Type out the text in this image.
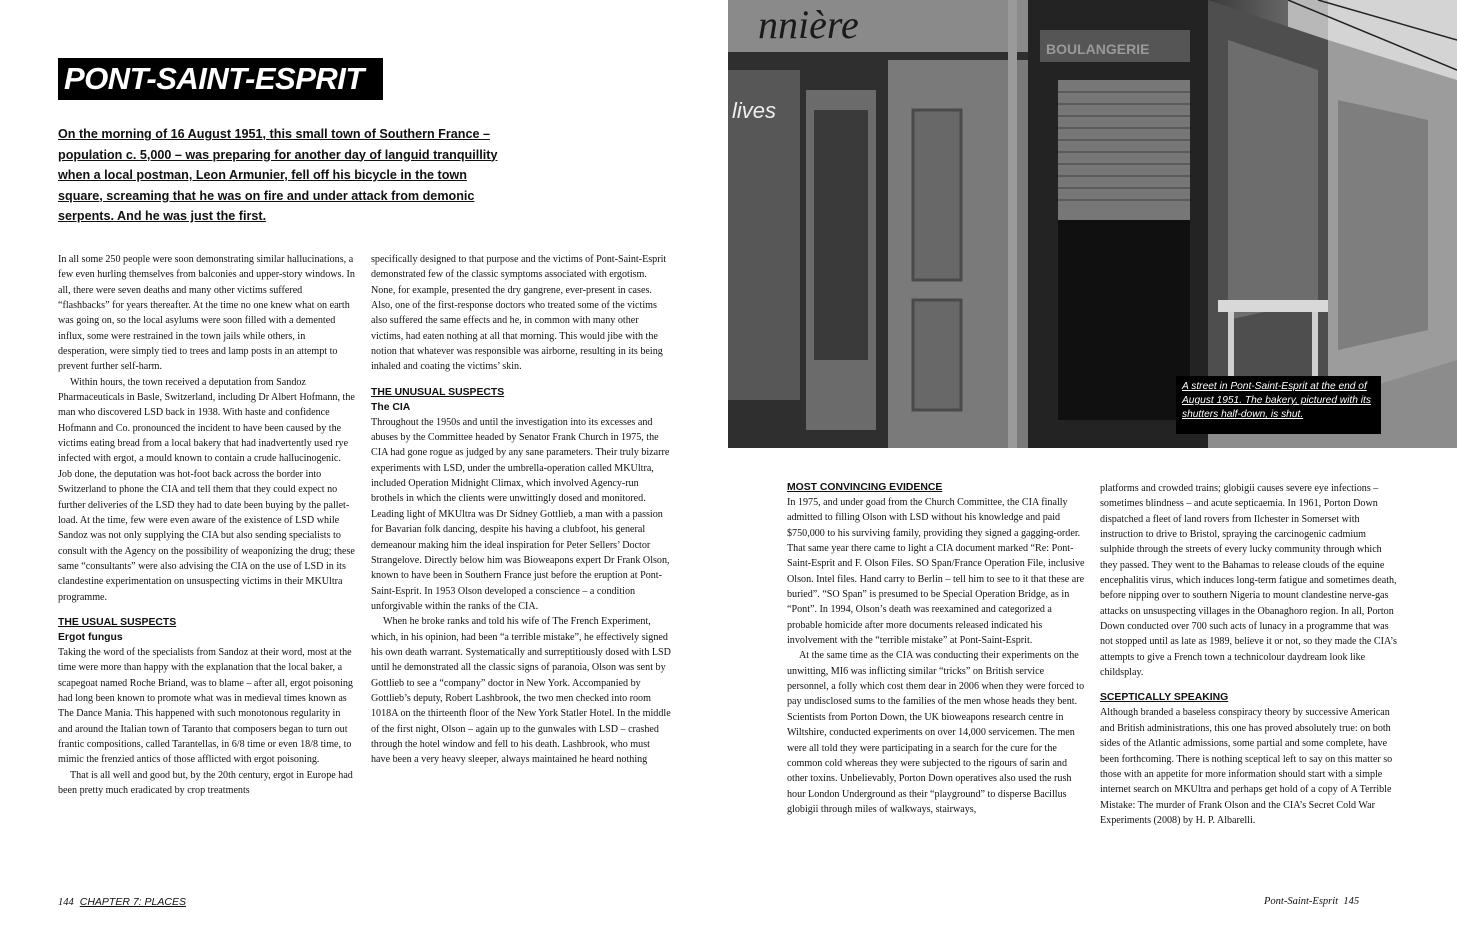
PONT-SAINT-ESPRIT
On the morning of 16 August 1951, this small town of Southern France – population c. 5,000 – was preparing for another day of languid tranquillity when a local postman, Leon Armunier, fell off his bicycle in the town square, screaming that he was on fire and under attack from demonic serpents. And he was just the first.

In all some 250 people were soon demonstrating similar hallucinations, a few even hurling themselves from balconies and upper-story windows. In all, there were seven deaths and many other victims suffered “flashbacks” for years thereafter. At the time no one knew what on earth was going on, so the local asylums were soon filled with a demented influx, some were restrained in the town jails while others, in desperation, were simply tied to trees and lamp posts in an attempt to prevent further self-harm.

Within hours, the town received a deputation from Sandoz Pharmaceuticals in Basle, Switzerland, including Dr Albert Hofmann, the man who discovered LSD back in 1938. With haste and confidence Hofmann and Co. pronounced the incident to have been caused by the victims eating bread from a local bakery that had inadvertently used rye infected with ergot, a mould known to contain a crude hallucinogenic. Job done, the deputation was hot-foot back across the border into Switzerland to phone the CIA and tell them that they could expect no further deliveries of the LSD they had to date been buying by the pallet-load. At the time, few were even aware of the existence of LSD while Sandoz was not only supplying the CIA but also sending specialists to consult with the Agency on the possibility of weaponizing the drug; these same “consultants” were also advising the CIA on the use of LSD in its clandestine experimentation on unsuspecting victims in their MKUltra programme.

THE USUAL SUSPECTS
Ergot fungus

Taking the word of the specialists from Sandoz at their word, most at the time were more than happy with the explanation that the local baker, a scapegoat named Roche Briand, was to blame – after all, ergot poisoning had long been known to promote what was in medieval times known as The Dance Mania. This happened with such monotonous regularity in and around the Italian town of Taranto that composers began to turn out frantic compositions, called Tarantellas, in 6/8 time or even 18/8 time, to mimic the frenzied antics of those afflicted with ergot poisoning.

That is all well and good but, by the 20th century, ergot in Europe had been pretty much eradicated by crop treatments

specifically designed to that purpose and the victims of Pont-Saint-Esprit demonstrated few of the classic symptoms associated with ergotism. None, for example, presented the dry gangrene, ever-present in cases. Also, one of the first-response doctors who treated some of the victims also suffered the same effects and he, in common with many other victims, had eaten nothing at all that morning. This would jibe with the notion that whatever was responsible was airborne, resulting in its being inhaled and coating the victims’ skin.

THE UNUSUAL SUSPECTS
The CIA

Throughout the 1950s and until the investigation into its excesses and abuses by the Committee headed by Senator Frank Church in 1975, the CIA had gone rogue as judged by any sane parameters. Their truly bizarre experiments with LSD, under the umbrella-operation called MKUltra, included Operation Midnight Climax, which involved Agency-run brothels in which the clients were unwittingly dosed and monitored. Leading light of MKUltra was Dr Sidney Gottlieb, a man with a passion for Bavarian folk dancing, despite his having a clubfoot, his general demeanour making him the ideal inspiration for Peter Sellers’ Doctor Strangelove. Directly below him was Bioweapons expert Dr Frank Olson, known to have been in Southern France just before the eruption at Pont-Saint-Esprit. In 1953 Olson developed a conscience – a condition unforgivable within the ranks of the CIA.

When he broke ranks and told his wife of The French Experiment, which, in his opinion, had been “a terrible mistake”, he effectively signed his own death warrant. Systematically and surreptitiously dosed with LSD until he demonstrated all the classic signs of paranoia, Olson was sent by Gottlieb to see a “company” doctor in New York. Accompanied by Gottlieb’s deputy, Robert Lashbrook, the two men checked into room 1018A on the thirteenth floor of the New York Statler Hotel. In the middle of the first night, Olson – again up to the gunwales with LSD – crashed through the hotel window and fell to his death. Lashbrook, who must have been a very heavy sleeper, always maintained he heard nothing

nnière
lives
BOULANGERIE
A street in Pont-Saint-Esprit at the end of August 1951. The bakery, pictured with its shutters half-down, is shut.
MOST CONVINCING EVIDENCE

In 1975, and under goad from the Church Committee, the CIA finally admitted to filling Olson with LSD without his knowledge and paid $750,000 to his surviving family, providing they signed a gagging-order. That same year there came to light a CIA document marked “Re: Pont-Saint-Esprit and F. Olson Files. SO Span/France Operation File, inclusive Olson. Intel files. Hand carry to Berlin – tell him to see to it that these are buried”. “SO Span” is presumed to be Special Operation Bridge, as in “Pont”. In 1994, Olson’s death was reexamined and categorized a probable homicide after more documents released indicated his involvement with the “terrible mistake” at Pont-Saint-Esprit.

At the same time as the CIA was conducting their experiments on the unwitting, MI6 was inflicting similar “tricks” on British service personnel, a folly which cost them dear in 2006 when they were forced to pay undisclosed sums to the families of the men whose heads they bent. Scientists from Porton Down, the UK bioweapons research centre in Wiltshire, conducted experiments on over 14,000 servicemen. The men were all told they were participating in a search for the cure for the common cold whereas they were subjected to the rigours of sarin and other toxins. Unbelievably, Porton Down operatives also used the rush hour London Underground as their “playground” to disperse Bacillus globigii through miles of walkways, stairways,

platforms and crowded trains; globigii causes severe eye infections – sometimes blindness – and acute septicaemia. In 1961, Porton Down dispatched a fleet of land rovers from Ilchester in Somerset with instruction to drive to Bristol, spraying the carcinogenic cadmium sulphide through the streets of every lucky community through which they passed. They went to the Bahamas to release clouds of the equine encephalitis virus, which induces long-term fatigue and sometimes death, before nipping over to southern Nigeria to mount clandestine nerve-gas attacks on unsuspecting villages in the Obanaghoro region. In all, Porton Down conducted over 700 such acts of lunacy in a programme that was not stopped until as late as 1989, believe it or not, so they made the CIA’s attempts to give a French town a technicolour daydream look like childsplay.

SCEPTICALLY SPEAKING

Although branded a baseless conspiracy theory by successive American and British administrations, this one has proved absolutely true: on both sides of the Atlantic admissions, some partial and some complete, have been forthcoming. There is nothing sceptical left to say on this matter so those with an appetite for more information should start with a simple internet search on MKUltra and perhaps get hold of a copy of A Terrible Mistake: The murder of Frank Olson and the CIA’s Secret Cold War Experiments (2008) by H. P. Albarelli.

144 CHAPTER 7: PLACES	Pont-Saint-Esprit 145
